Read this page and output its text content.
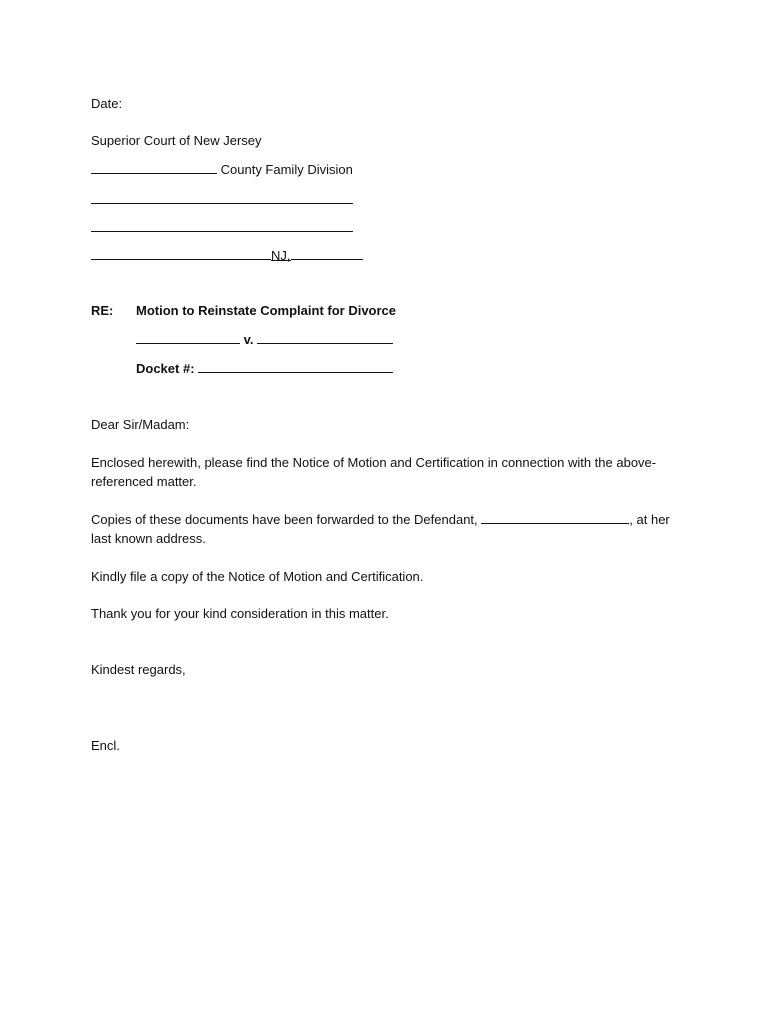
Date:
Superior Court of New Jersey
County Family Division
NJ,
RE: Motion to Reinstate Complaint for Divorce
v.
Docket #:
Dear Sir/Madam:
Enclosed herewith, please find the Notice of Motion and Certification in connection with the above-referenced matter.
Copies of these documents have been forwarded to the Defendant,	, at her last known address.
Kindly file a copy of the Notice of Motion and Certification.
Thank you for your kind consideration in this matter.
Kindest regards,
Encl.
